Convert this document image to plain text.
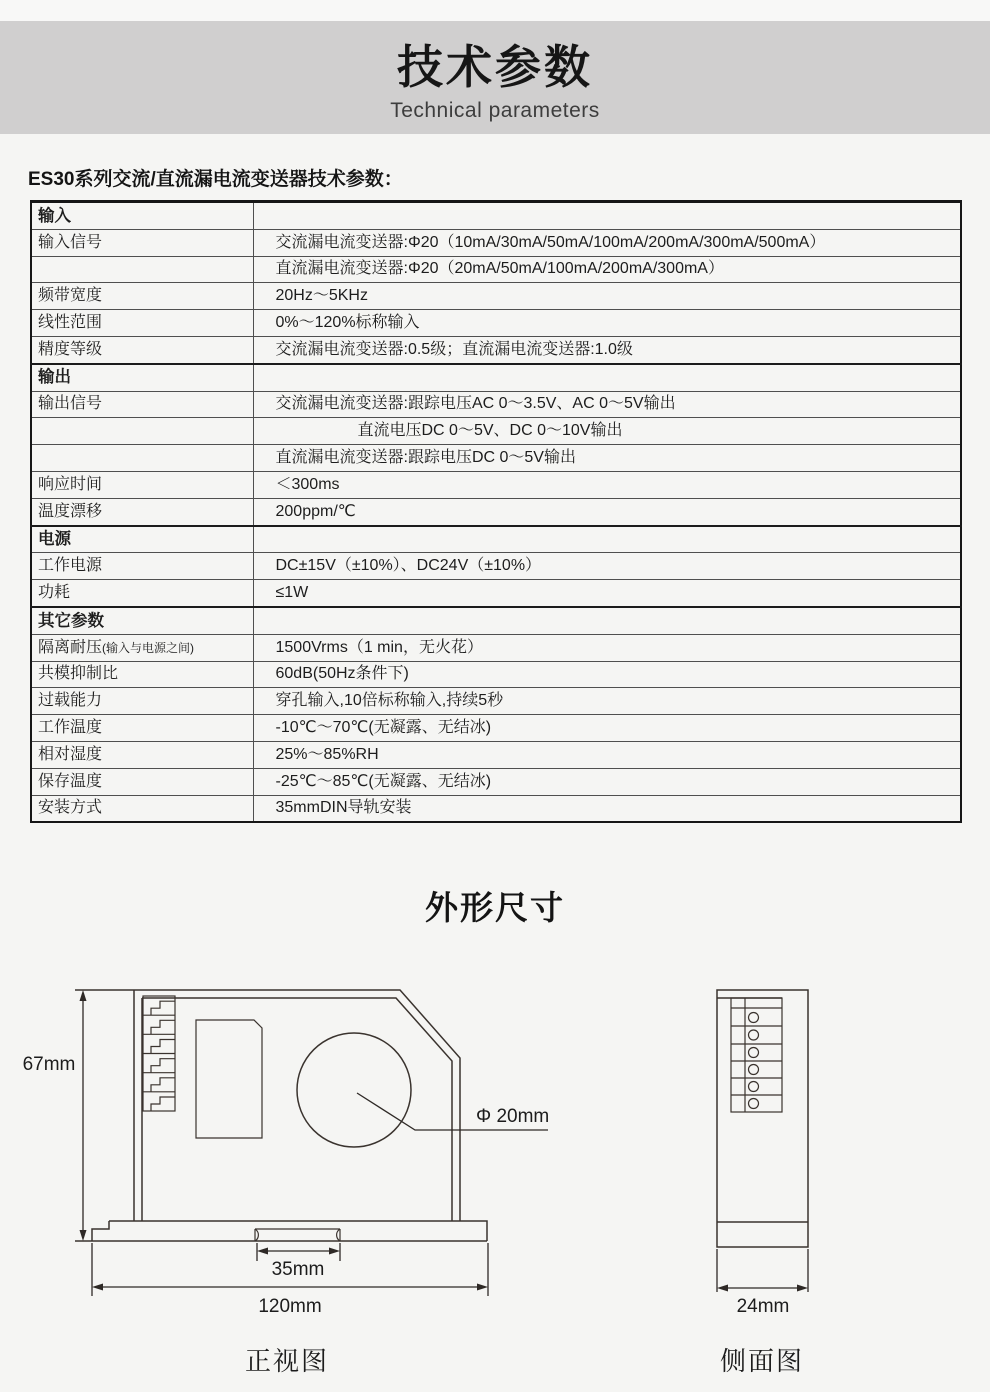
技术参数
Technical parameters
ES30系列交流/直流漏电流变送器技术参数：
输入	
输入信号	交流漏电流变送器:Φ20（10mA/30mA/50mA/100mA/200mA/300mA/500mA）
	直流漏电流变送器:Φ20（20mA/50mA/100mA/200mA/300mA）
频带宽度	20Hz～5KHz
线性范围	0%～120%标称输入
精度等级	交流漏电流变送器:0.5级；直流漏电流变送器:1.0级
输出	
输出信号	交流漏电流变送器:跟踪电压AC 0～3.5V、AC 0～5V输出
	直流电压DC 0～5V、DC 0～10V输出
	直流漏电流变送器:跟踪电压DC 0～5V输出
响应时间	＜300ms
温度漂移	200ppm/℃
电源	
工作电源	DC±15V（±10%）、DC24V（±10%）
功耗	≤1W
其它参数	
隔离耐压(输入与电源之间)	1500Vrms（1 min，无火花）
共模抑制比	60dB(50Hz条件下)
过载能力	穿孔输入,10倍标称输入,持续5秒
工作温度	-10℃～70℃(无凝露、无结冰)
相对湿度	25%～85%RH
保存温度	-25℃～85℃(无凝露、无结冰)
安装方式	35mmDIN导轨安装
外形尺寸
67mm
Φ 20mm
35mm
120mm
正视图
24mm
侧面图
